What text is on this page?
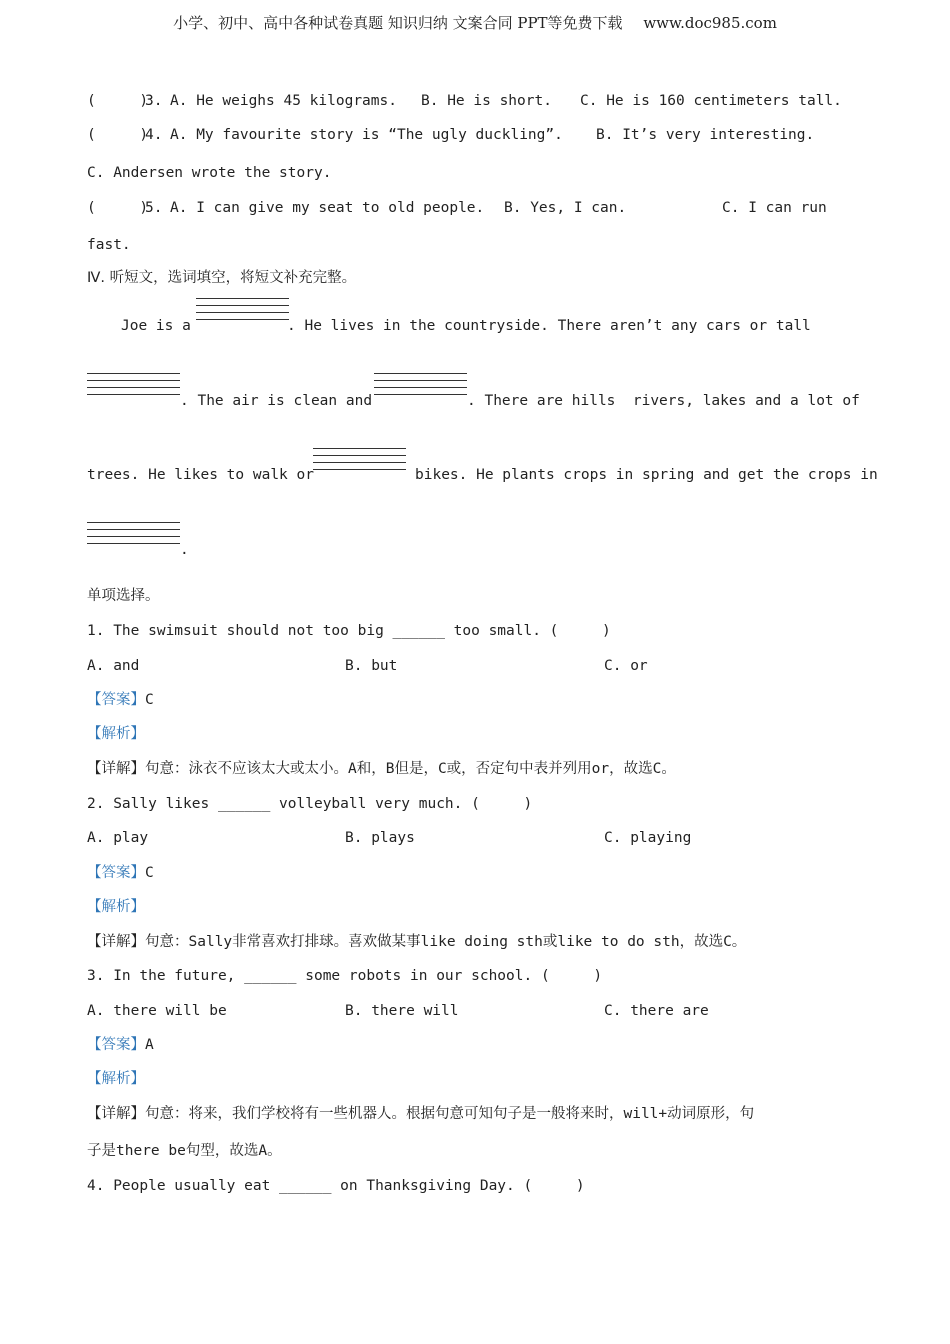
小学、初中、高中各种试卷真题 知识归纳 文案合同 PPT等免费下载 www.doc985.com
(     )
3. A. He weighs 45 kilograms. B. He is short. C. He is 160 centimeters tall.
(     )
4. A. My favourite story is “The ugly duckling”. B. It’s very interesting.
C. Andersen wrote the story.
(     )
5. A. I can give my seat to old people. B. Yes, I can.	C. I can run
fast.
Ⅳ. 听短文，选词填空，将短文补充完整。
Joe is a	. He lives in the countryside. There aren’t any cars or tall
. The air is clean and	. There are hills  rivers, lakes and a lot of
trees. He likes to walk or	bikes. He plants crops in spring and get the crops in
.
单项选择。
1. The swimsuit should not too big ______ too small. (     )
A. and	B. but	C. or
【答案】C
【解析】
【详解】句意：泳衣不应该太大或太小。A和，B但是，C或，否定句中表并列用or，故选C。
2. Sally likes ______ volleyball very much. (     )
A. play	B. plays	C. playing
【答案】C
【解析】
【详解】句意：Sally非常喜欢打排球。喜欢做某事like doing sth或like to do sth，故选C。
3. In the future, ______ some robots in our school. (     )
A. there will be	B. there will	C. there are
【答案】A
【解析】
【详解】句意：将来，我们学校将有一些机器人。根据句意可知句子是一般将来时，will+动词原形，句
子是there be句型，故选A。
4. People usually eat ______ on Thanksgiving Day. (     )
